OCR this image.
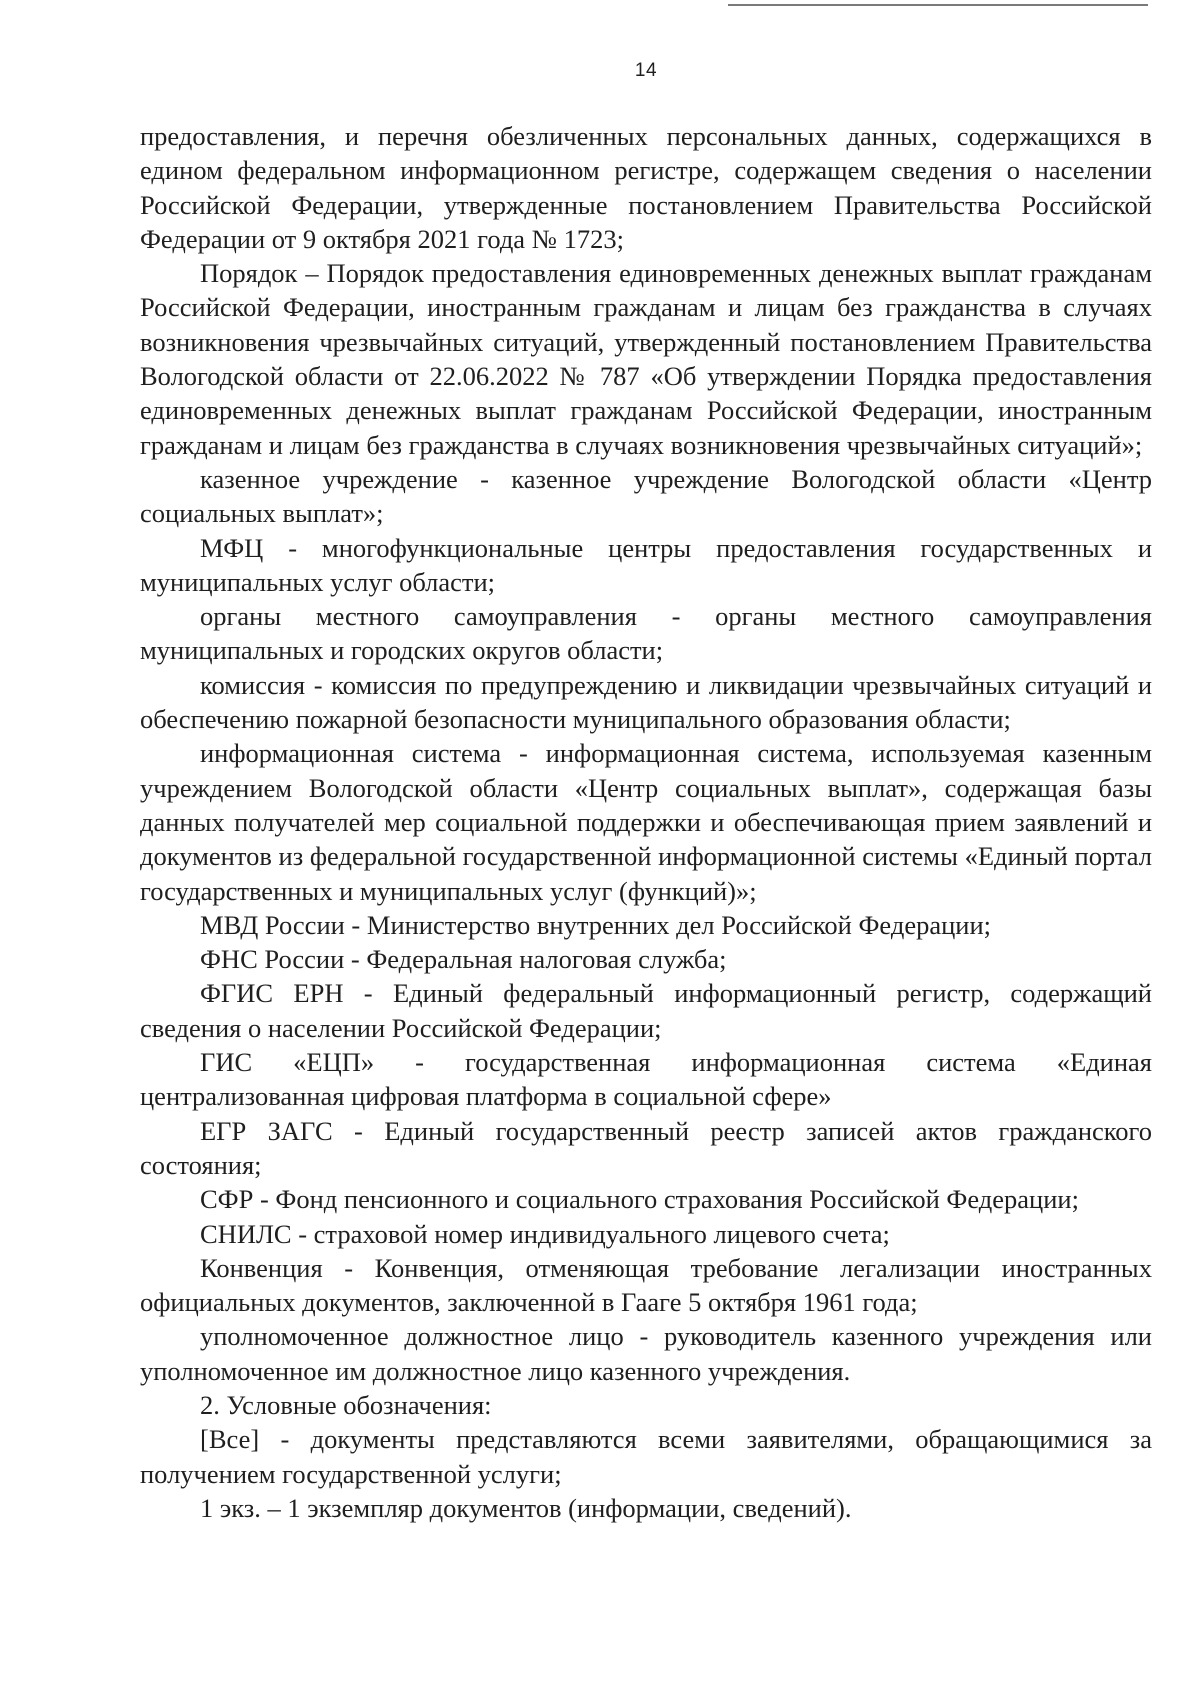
14

предоставления, и перечня обезличенных персональных данных, содержащихся в едином федеральном информационном регистре, содержащем сведения о населении Российской Федерации, утвержденные постановлением Правительства Российской Федерации от 9 октября 2021 года № 1723;

Порядок – Порядок предоставления единовременных денежных выплат гражданам Российской Федерации, иностранным гражданам и лицам без гражданства в случаях возникновения чрезвычайных ситуаций, утвержденный постановлением Правительства Вологодской области от 22.06.2022 № 787 «Об утверждении Порядка предоставления единовременных денежных выплат гражданам Российской Федерации, иностранным гражданам и лицам без гражданства в случаях возникновения чрезвычайных ситуаций»;

казенное учреждение - казенное учреждение Вологодской области «Центр социальных выплат»;

МФЦ - многофункциональные центры предоставления государственных и муниципальных услуг области;

органы местного самоуправления - органы местного самоуправления муниципальных и городских округов области;

комиссия - комиссия по предупреждению и ликвидации чрезвычайных ситуаций и обеспечению пожарной безопасности муниципального образования области;

информационная система - информационная система, используемая казенным учреждением Вологодской области «Центр социальных выплат», содержащая базы данных получателей мер социальной поддержки и обеспечивающая прием заявлений и документов из федеральной государственной информационной системы «Единый портал государственных и муниципальных услуг (функций)»;

МВД России - Министерство внутренних дел Российской Федерации;

ФНС России - Федеральная налоговая служба;

ФГИС ЕРН - Единый федеральный информационный регистр, содержащий сведения о населении Российской Федерации;

ГИС «ЕЦП» - государственная информационная система «Единая централизованная цифровая платформа в социальной сфере»

ЕГР ЗАГС - Единый государственный реестр записей актов гражданского состояния;

СФР - Фонд пенсионного и социального страхования Российской Федерации;

СНИЛС - страховой номер индивидуального лицевого счета;

Конвенция - Конвенция, отменяющая требование легализации иностранных официальных документов, заключенной в Гааге 5 октября 1961 года;

уполномоченное должностное лицо - руководитель казенного учреждения или уполномоченное им должностное лицо казенного учреждения.

2. Условные обозначения:

[Все] - документы представляются всеми заявителями, обращающимися за получением государственной услуги;

1 экз. – 1 экземпляр документов (информации, сведений).
